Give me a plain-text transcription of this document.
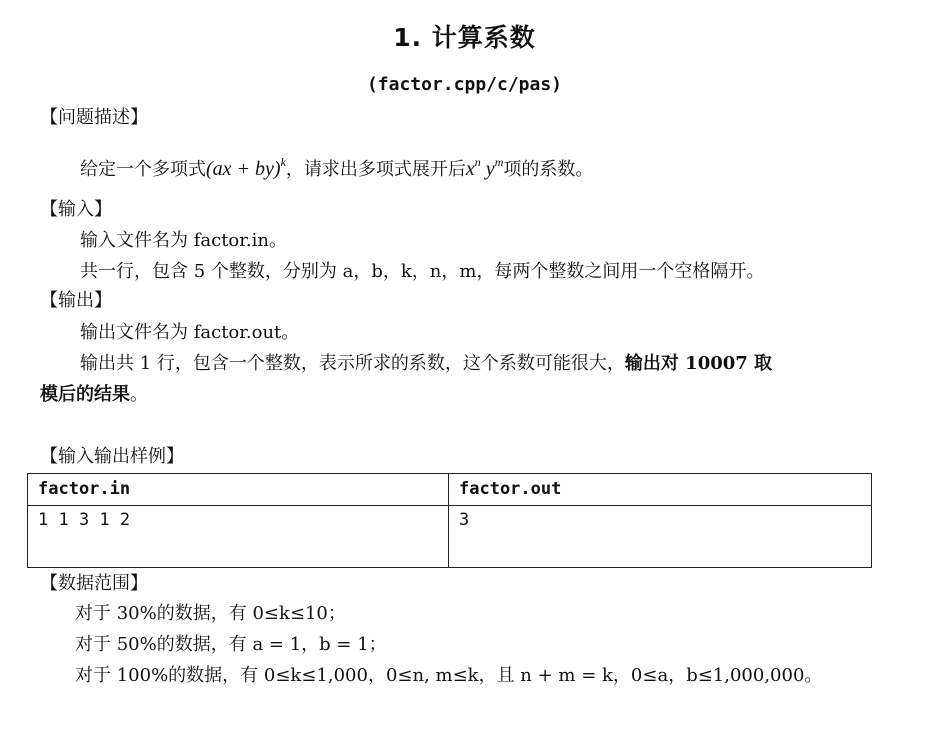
1. 计算系数
(factor.cpp/c/pas)
【问题描述】
给定一个多项式(ax + by)$^k$，请求出多项式展开后$x^n$ $y^m$项的系数。
【输入】
输入文件名为 factor.in。
共一行，包含 5 个整数，分别为 a，b，k，n，m，每两个整数之间用一个空格隔开。
【输出】
输出文件名为 factor.out。
输出共 1 行，包含一个整数，表示所求的系数，这个系数可能很大，输出对 10007 取
模后的结果。
【输入输出样例】
factor.in	factor.out
1 1 3 1 2	3
【数据范围】
对于 30%的数据，有 0≤k≤10；
对于 50%的数据，有 a = 1，b = 1；
对于 100%的数据，有 0≤k≤1,000，0≤n, m≤k，且 n + m = k，0≤a，b≤1,000,000。
